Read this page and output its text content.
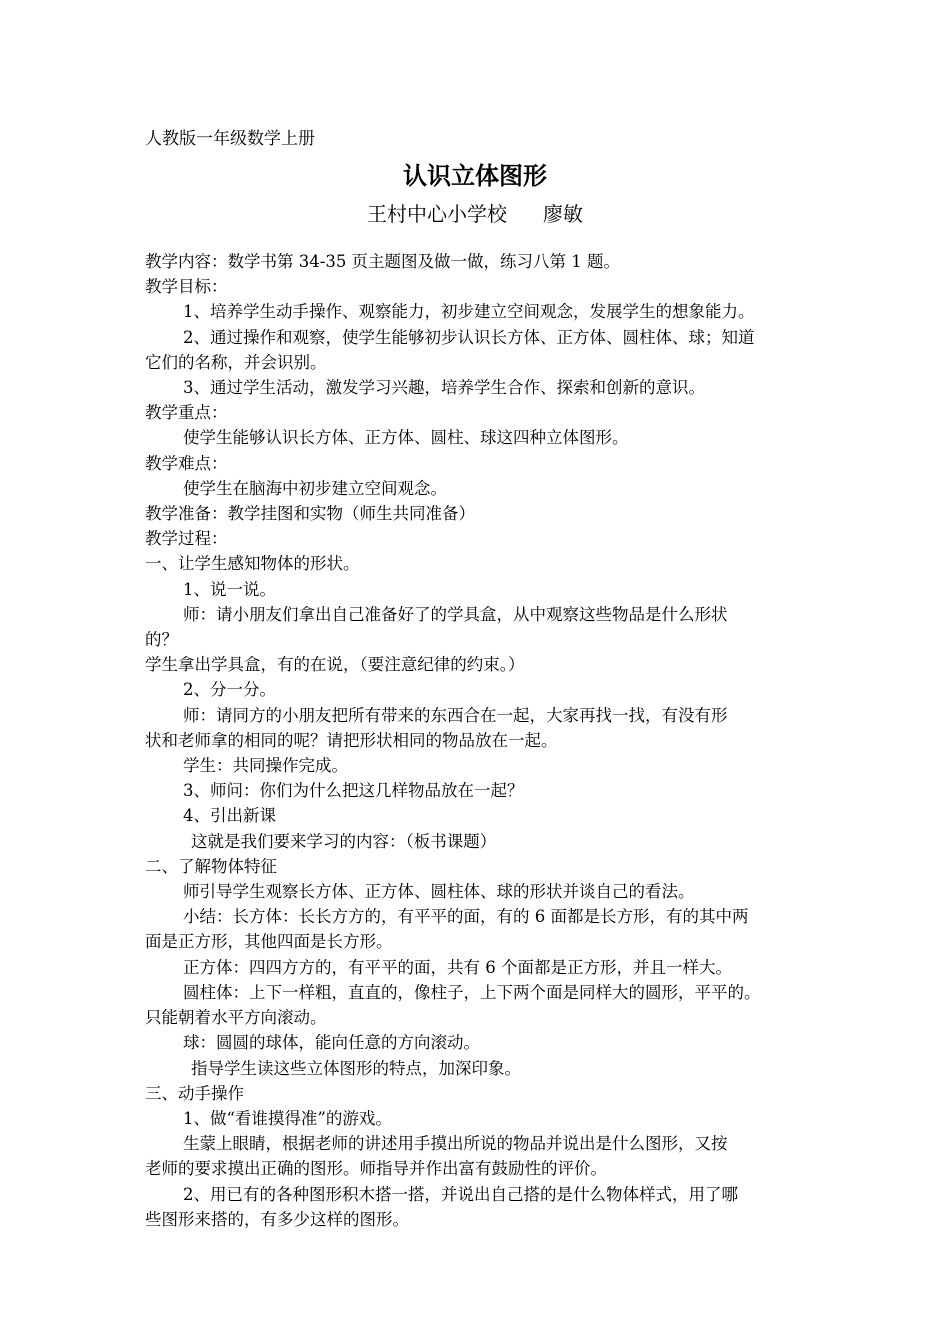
人教版一年级数学上册
认识立体图形
王村中心小学校 廖敏

教学内容：数学书第 34-35 页主题图及做一做，练习八第 1 题。

教学目标：

1、培养学生动手操作、观察能力，初步建立空间观念，发展学生的想象能力。

2、通过操作和观察，使学生能够初步认识长方体、正方体、圆柱体、球；知道

它们的名称，并会识别。

3、通过学生活动，激发学习兴趣，培养学生合作、探索和创新的意识。

教学重点：

使学生能够认识长方体、正方体、圆柱、球这四种立体图形。

教学难点：

使学生在脑海中初步建立空间观念。

教学准备：教学挂图和实物（师生共同准备）

教学过程：

一、让学生感知物体的形状。

1、说一说。

师：请小朋友们拿出自己准备好了的学具盒，从中观察这些物品是什么形状

的？

学生拿出学具盒，有的在说，（要注意纪律的约束。）

2、分一分。

师：请同方的小朋友把所有带来的东西合在一起，大家再找一找，有没有形

状和老师拿的相同的呢？请把形状相同的物品放在一起。

学生：共同操作完成。

3、师问：你们为什么把这几样物品放在一起？

4、引出新课

这就是我们要来学习的内容：（板书课题）

二、了解物体特征

师引导学生观察长方体、正方体、圆柱体、球的形状并谈自己的看法。

小结：长方体：长长方方的，有平平的面，有的 6 面都是长方形，有的其中两

面是正方形，其他四面是长方形。

正方体：四四方方的，有平平的面，共有 6 个面都是正方形，并且一样大。

圆柱体：上下一样粗，直直的，像柱子，上下两个面是同样大的圆形，平平的。

只能朝着水平方向滚动。

球：圆圆的球体，能向任意的方向滚动。

指导学生读这些立体图形的特点，加深印象。

三、动手操作

1、做“看谁摸得准”的游戏。

生蒙上眼睛，根据老师的讲述用手摸出所说的物品并说出是什么图形，又按

老师的要求摸出正确的图形。师指导并作出富有鼓励性的评价。

2、用已有的各种图形积木搭一搭，并说出自己搭的是什么物体样式，用了哪

些图形来搭的，有多少这样的图形。
